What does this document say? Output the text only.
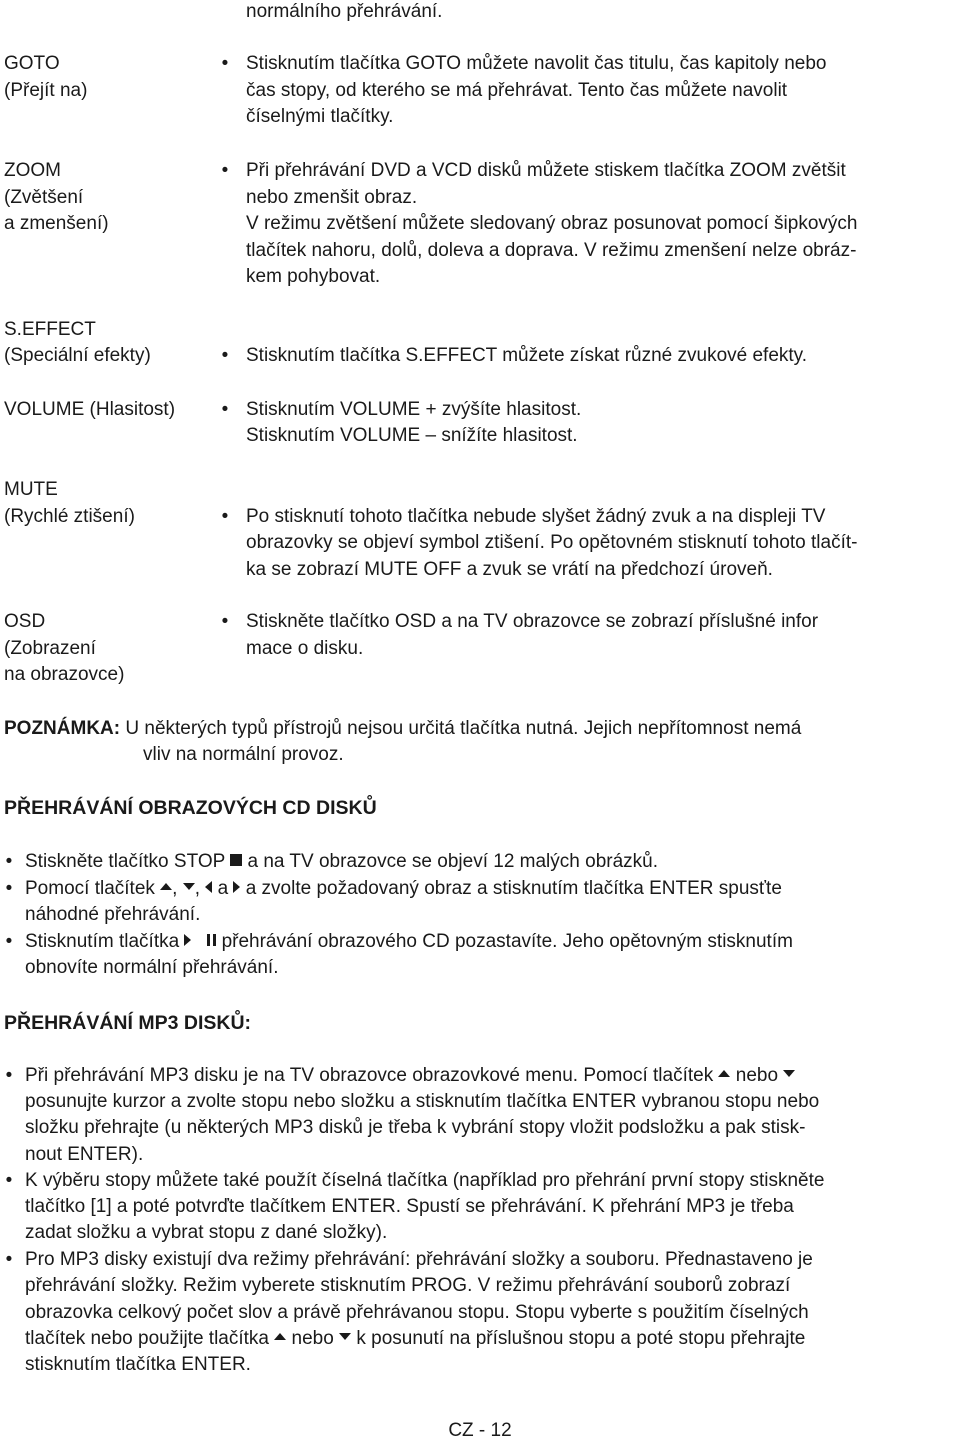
normálního přehrávání.
GOTO
(Přejít na)
• Stisknutím tlačítka GOTO můžete navolit čas titulu, čas kapitoly nebo
čas stopy, od kterého se má přehrávat. Tento čas můžete navolit
číselnými tlačítky.
ZOOM
(Zvětšení
a zmenšení)
• Při přehrávání DVD a VCD disků můžete stiskem tlačítka ZOOM zvětšit
nebo zmenšit obraz.
V režimu zvětšení můžete sledovaný obraz posunovat pomocí šipkových
tlačítek nahoru, dolů, doleva a doprava. V režimu zmenšení nelze obráz-
kem pohybovat.
S.EFFECT
(Speciální efekty)	• Stisknutím tlačítka S.EFFECT můžete získat různé zvukové efekty.
VOLUME (Hlasitost) • Stisknutím VOLUME + zvýšíte hlasitost.
Stisknutím VOLUME – snížíte hlasitost.
MUTE
(Rychlé ztišení)	• Po stisknutí tohoto tlačítka nebude slyšet žádný zvuk a na displeji TV
obrazovky se objeví symbol ztišení. Po opětovném stisknutí tohoto tlačít-
ka se zobrazí MUTE OFF a zvuk se vrátí na předchozí úroveň.
OSD
(Zobrazení
na obrazovce)
• Stiskněte tlačítko OSD a na TV obrazovce se zobrazí příslušné infor
mace o disku.
POZNÁMKA: U některých typů přístrojů nejsou určitá tlačítka nutná. Jejich nepřítomnost nemá
vliv na normální provoz.
PŘEHRÁVÁNÍ OBRAZOVÝCH CD DISKŮ
• Stiskněte tlačítko STOP  a na TV obrazovce se objeví 12 malých obrázků.
• Pomocí tlačítek , ,  a  a zvolte požadovaný obraz a stisknutím tlačítka ENTER spusťte
náhodné přehrávání.
• Stisknutím tlačítka     přehrávání obrazového CD pozastavíte. Jeho opětovným stisknutím
obnovíte normální přehrávání.
PŘEHRÁVÁNÍ MP3 DISKŮ:
• Při přehrávání MP3 disku je na TV obrazovce obrazovkové menu. Pomocí tlačítek  nebo
posunujte kurzor a zvolte stopu nebo složku a stisknutím tlačítka ENTER vybranou stopu nebo
složku přehrajte (u některých MP3 disků je třeba k vybrání stopy vložit podsložku a pak stisk-
nout ENTER).
• K výběru stopy můžete také použít číselná tlačítka (například pro přehrání první stopy stiskněte
tlačítko [1] a poté potvrďte tlačítkem ENTER. Spustí se přehrávání. K přehrání MP3 je třeba
zadat složku a vybrat stopu z dané složky).
• Pro MP3 disky existují dva režimy přehrávání: přehrávání složky a souboru. Přednastaveno je
přehrávání složky. Režim vyberete stisknutím PROG. V režimu přehrávání souborů zobrazí
obrazovka celkový počet slov a právě přehrávanou stopu. Stopu vyberte s použitím číselných
tlačítek nebo použijte tlačítka  nebo  k posunutí na příslušnou stopu a poté stopu přehrajte
stisknutím tlačítka ENTER.
CZ - 12
